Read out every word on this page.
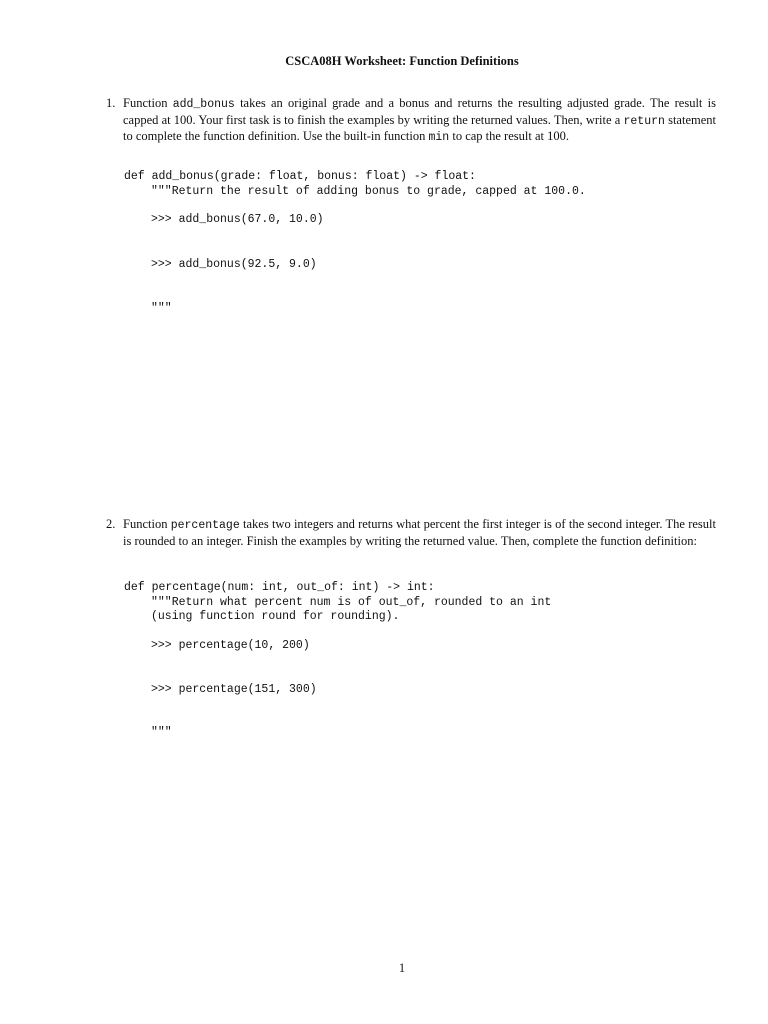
CSCA08H Worksheet: Function Definitions
1. Function add_bonus takes an original grade and a bonus and returns the resulting adjusted grade. The result is capped at 100. Your first task is to finish the examples by writing the returned values. Then, write a return statement to complete the function definition. Use the built-in function min to cap the result at 100.

def add_bonus(grade: float, bonus: float) -> float:

"""Return the result of adding bonus to grade, capped at 100.0.

>>> add_bonus(67.0, 10.0)

>>> add_bonus(92.5, 9.0)

"""

2. Function percentage takes two integers and returns what percent the first integer is of the second integer. The result is rounded to an integer. Finish the examples by writing the returned value. Then, complete the function definition:

def percentage(num: int, out_of: int) -> int:

"""Return what percent num is of out_of, rounded to an int

(using function round for rounding).

>>> percentage(10, 200)

>>> percentage(151, 300)

"""

1
